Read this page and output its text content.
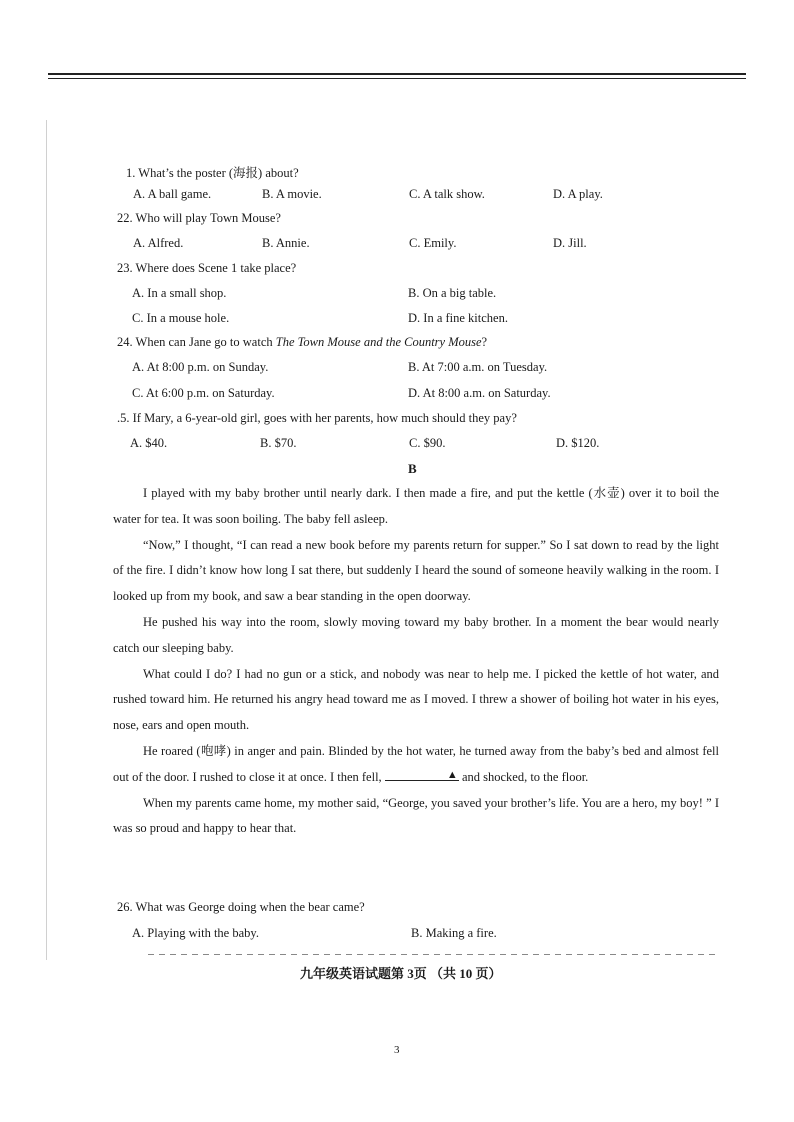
1. What’s the poster (海报) about?
A. A ball game.	B. A movie.	C. A talk show.	D. A play.
22. Who will play Town Mouse?
A. Alfred.	B. Annie.	C. Emily.	D. Jill.
23. Where does Scene 1 take place?
A. In a small shop.	B. On a big table.
C. In a mouse hole.	D. In a fine kitchen.
24. When can Jane go to watch The Town Mouse and the Country Mouse?
A. At 8:00 p.m. on Sunday.	B. At 7:00 a.m. on Tuesday.
C. At 6:00 p.m. on Saturday.	D. At 8:00 a.m. on Saturday.
.5. If Mary, a 6-year-old girl, goes with her parents, how much should they pay?
A. $40.	B. $70.	C. $90.	D. $120.
B
I played with my baby brother until nearly dark. I then made a fire, and put the kettle (水壶) over it to boil the water for tea. It was soon boiling. The baby fell asleep.
“Now,” I thought, “I can read a new book before my parents return for supper.” So I sat down to read by the light of the fire. I didn’t know how long I sat there, but suddenly I heard the sound of someone heavily walking in the room. I looked up from my book, and saw a bear standing in the open doorway.
He pushed his way into the room, slowly moving toward my baby brother. In a moment the bear would nearly catch our sleeping baby.
What could I do? I had no gun or a stick, and nobody was near to help me. I picked the kettle of hot water, and rushed toward him. He returned his angry head toward me as I moved. I threw a shower of boiling hot water in his eyes, nose, ears and open mouth.
He roared (咆哮) in anger and pain. Blinded by the hot water, he turned away from the baby’s bed and almost fell out of the door. I rushed to close it at once. I then fell,	▲ and shocked, to the floor.
When my parents came home, my mother said, “George, you saved your brother’s life. You are a hero, my boy! ” I was so proud and happy to hear that.
26. What was George doing when the bear came?
A. Playing with the baby.	B. Making a fire.
九年级英语试题第 3页 （共 10 页）
3
